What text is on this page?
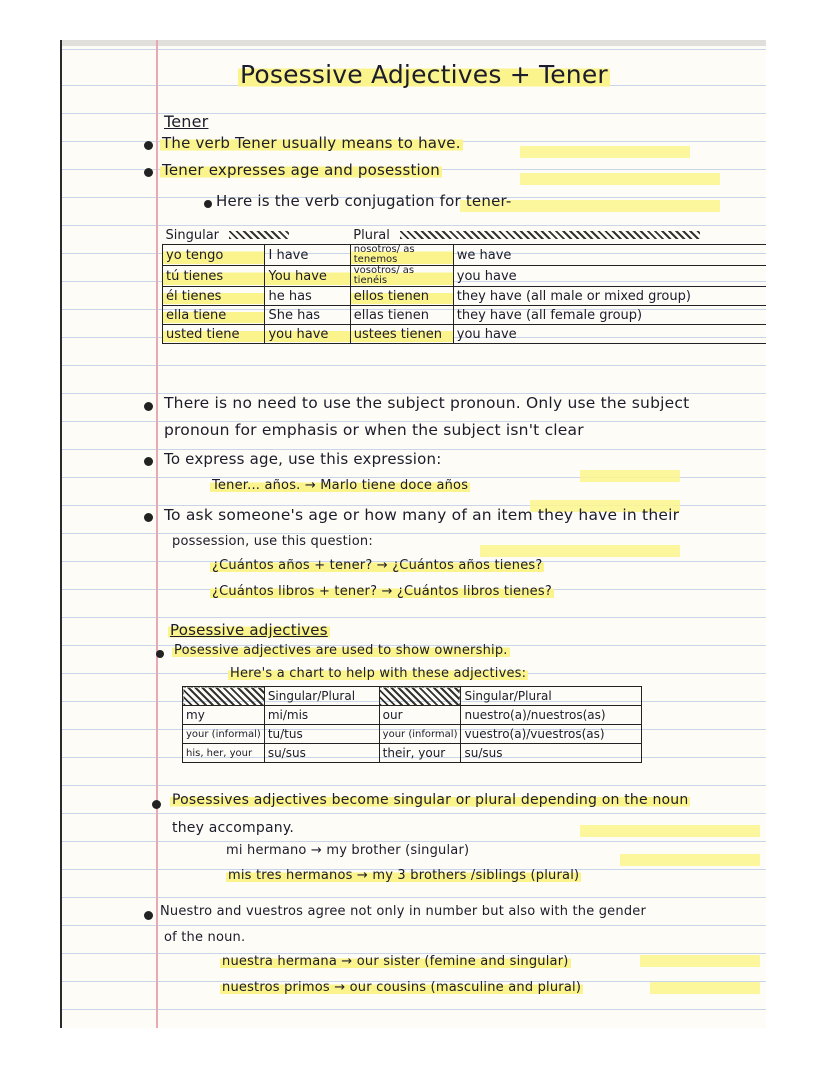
Posessive Adjectives + Tener
Tener
The verb Tener usually means to have.
Tener expresses age and posesstion
Here is the verb conjugation for tener-
Singular		Plural	
yo tengo	I have	nosotros/ as tenemos	we have
tú tienes	You have	vosotros/ as tienéis	you have
él tienes	he has	ellos tienen	they have (all male or mixed group)
ella tiene	She has	ellas tienen	they have (all female group)
usted tiene	you have	ustees tienen	you have
There is no need to use the subject pronoun. Only use the subject
pronoun for emphasis or when the subject isn't clear
To express age, use this expression:
Tener... años. → Marlo tiene doce años
To ask someone's age or how many of an item they have in their
possession, use this question:
¿Cuántos años + tener? → ¿Cuántos años tienes?
¿Cuántos libros + tener? → ¿Cuántos libros tienes?
Posessive adjectives
Posessive adjectives are used to show ownership.
Here's a chart to help with these adjectives:
	Singular/Plural		Singular/Plural
my	mi/mis	our	nuestro(a)/nuestros(as)
your (informal)	tu/tus	your (informal)	vuestro(a)/vuestros(as)
his, her, your	su/sus	their, your	su/sus
Posessives adjectives become singular or plural depending on the noun
they accompany.
mi hermano → my brother (singular)
mis tres hermanos → my 3 brothers /siblings (plural)
Nuestro and vuestros agree not only in number but also with the gender
of the noun.
nuestra hermana → our sister (femine and singular)
nuestros primos → our cousins (masculine and plural)
